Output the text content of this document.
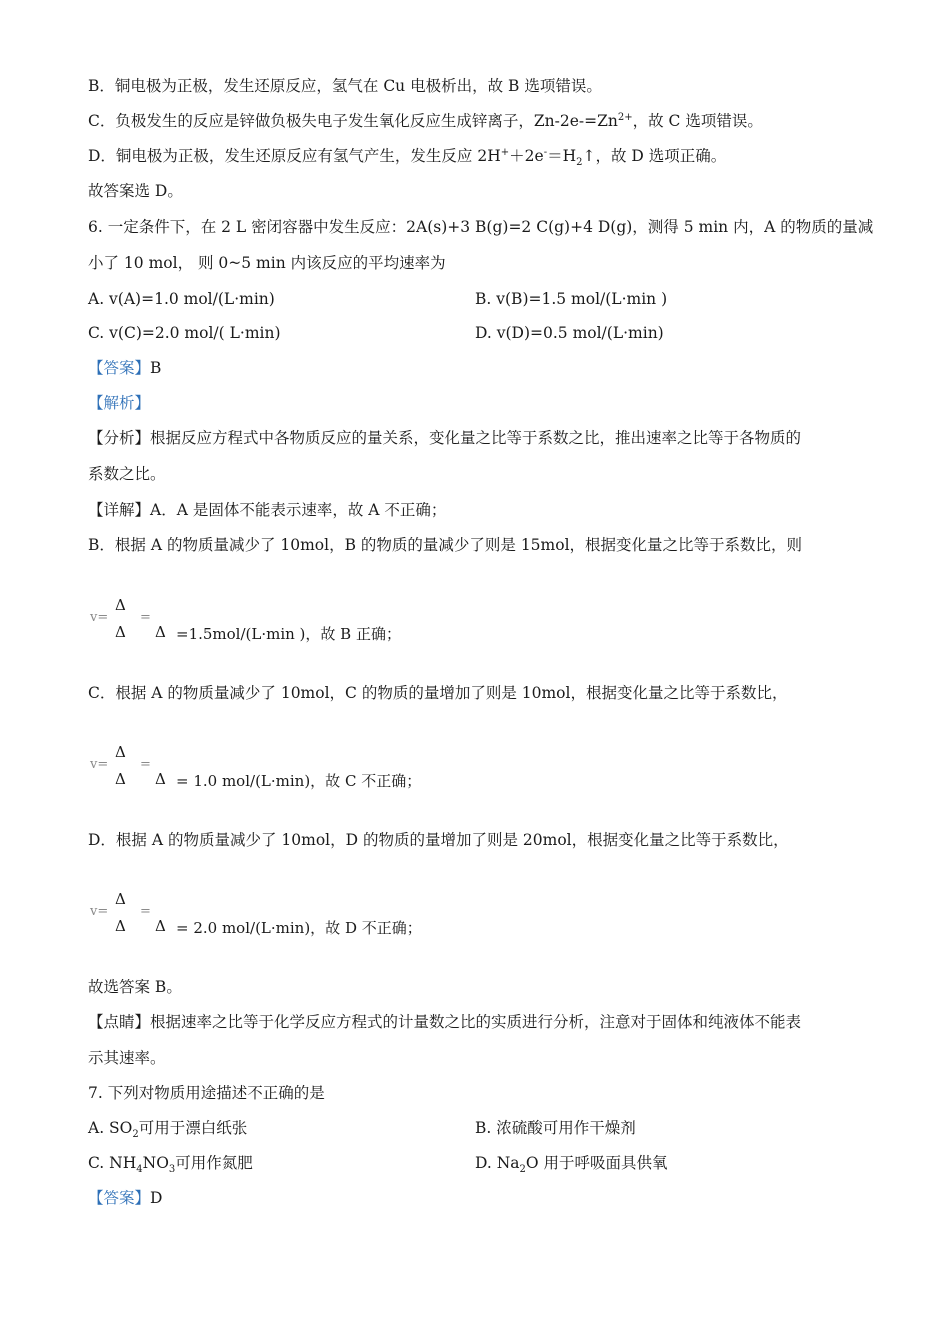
B．铜电极为正极，发生还原反应，氢气在 Cu 电极析出，故 B 选项错误。
C．负极发生的反应是锌做负极失电子发生氧化反应生成锌离子，$Zn-2e-=Zn^{2+}$，故 C 选项错误。
D．铜电极为正极，发生还原反应有氢气产生，发生反应 $2H^++2e^-=H_2↑$，故 D 选项正确。
故答案选 D。
6. 一定条件下，在 2 L 密闭容器中发生反应：2A(s)+3 B(g)=2 C(g)+4 D(g)，测得 5 min 内，A 的物质的量减
小了 10 mol， 则 0~5 min 内该反应的平均速率为
A. v(A)=1.0 mol/(L·min)	B. v(B)=1.5 mol/(L·min )
C. v(C)=2.0 mol/( L·min)	D. v(D)=0.5 mol/(L·min)
【答案】B
【解析】
【分析】根据反应方程式中各物质反应的量关系，变化量之比等于系数之比，推出速率之比等于各物质的
系数之比。
【详解】A．A 是固体不能表示速率，故 A 不正确；
B．根据 A 的物质量减少了 10mol，B 的物质的量减少了则是 15mol，根据变化量之比等于系数比，则
v=
Δ
=
Δ Δ =1.5mol/(L·min )，故 B 正确；
C．根据 A 的物质量减少了 10mol，C 的物质的量增加了则是 10mol，根据变化量之比等于系数比，
v=
Δ
=
Δ Δ = 1.0 mol/(L·min)，故 C 不正确；
D．根据 A 的物质量减少了 10mol，D 的物质的量增加了则是 20mol，根据变化量之比等于系数比，
v=
Δ
=
Δ Δ = 2.0 mol/(L·min)，故 D 不正确；
故选答案 B。
【点睛】根据速率之比等于化学反应方程式的计量数之比的实质进行分析，注意对于固体和纯液体不能表
示其速率。
7. 下列对物质用途描述不正确的是
A. $SO_2$可用于漂白纸张	B. 浓硫酸可用作干燥剂
C. $NH_4NO_3$可用作氮肥	D. $Na_2O$ 用于呼吸面具供氧
【答案】D
